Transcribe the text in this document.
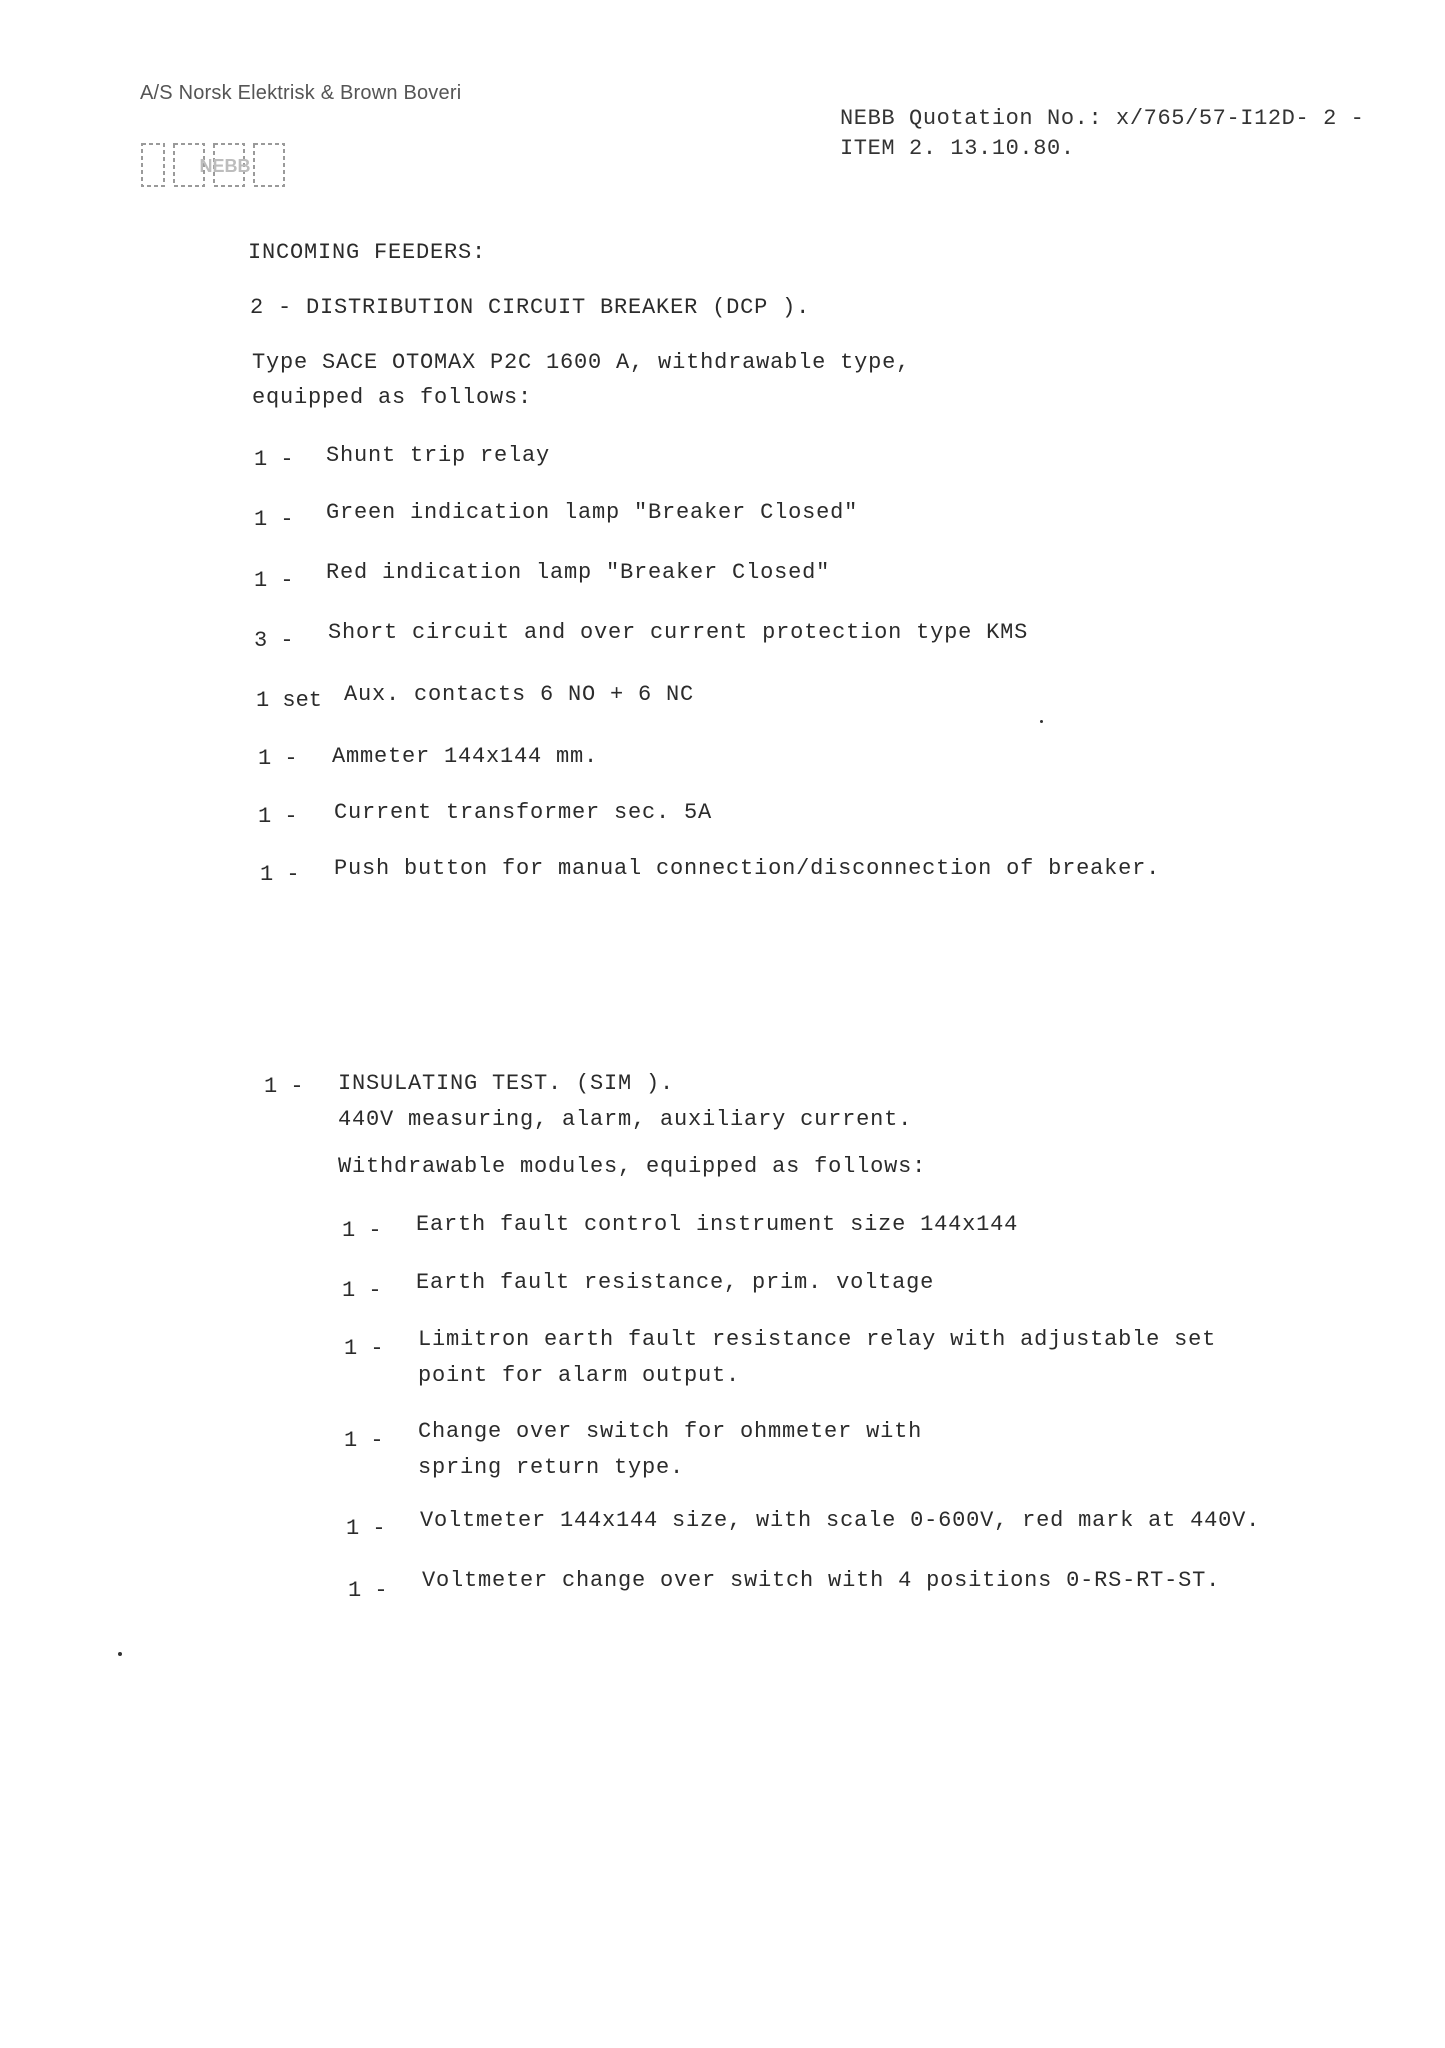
A/S Norsk Elektrisk & Brown Boveri
NEBB
NEBB Quotation No.: x/765/57-I12D- 2 -
ITEM 2. 13.10.80.
INCOMING FEEDERS:
2 - DISTRIBUTION CIRCUIT BREAKER (DCP ).
Type SACE OTOMAX P2C 1600 A, withdrawable type,
equipped as follows:
1 - Shunt trip relay
1 - Green indication lamp "Breaker Closed"
1 - Red indication lamp "Breaker Closed"
3 - Short circuit and over current protection type KMS
1 set Aux. contacts 6 NO + 6 NC
1 - Ammeter 144x144 mm.
1 - Current transformer sec. 5A
1 - Push button for manual connection/disconnection of breaker.
1 - INSULATING TEST. (SIM ).
440V measuring, alarm, auxiliary current.
Withdrawable modules, equipped as follows:
1 - Earth fault control instrument size 144x144
1 - Earth fault resistance, prim. voltage
1 - Limitron earth fault resistance relay with adjustable set
point for alarm output.
1 - Change over switch for ohmmeter with
spring return type.
1 - Voltmeter 144x144 size, with scale 0-600V, red mark at 440V.
1 - Voltmeter change over switch with 4 positions 0-RS-RT-ST.
